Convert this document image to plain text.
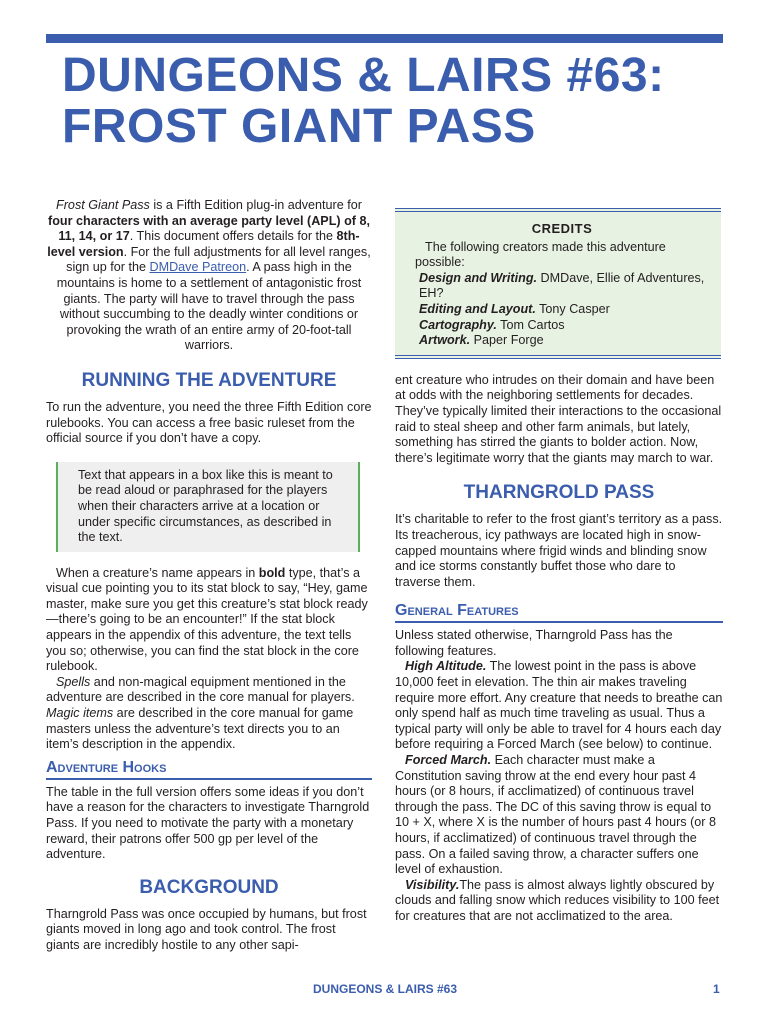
DUNGEONS & LAIRS #63:
FROST GIANT PASS

Frost Giant Pass is a Fifth Edition plug-in adventure for four characters with an average party level (APL) of 8, 11, 14, or 17. This document offers details for the 8th-level version. For the full adjustments for all level ranges, sign up for the DMDave Patreon. A pass high in the mountains is home to a settlement of antagonistic frost giants. The party will have to travel through the pass without succumbing to the deadly winter conditions or provoking the wrath of an entire army of 20-foot-tall warriors.

RUNNING THE ADVENTURE

To run the adventure, you need the three Fifth Edition core rulebooks. You can access a free basic ruleset from the official source if you don’t have a copy.

Text that appears in a box like this is meant to be read aloud or paraphrased for the players when their characters arrive at a location or under specific circumstances, as described in the text.

When a creature’s name appears in bold type, that’s a visual cue pointing you to its stat block to say, “Hey, game master, make sure you get this creature’s stat block ready—there’s going to be an encounter!” If the stat block appears in the appendix of this adventure, the text tells you so; otherwise, you can find the stat block in the core rulebook.

Spells and non-magical equipment mentioned in the adventure are described in the core manual for players. Magic items are described in the core manual for game masters unless the adventure’s text directs you to an item’s description in the appendix.

Adventure Hooks

The table in the full version offers some ideas if you don’t have a reason for the characters to investigate Tharngrold Pass. If you need to motivate the party with a monetary reward, their patrons offer 500 gp per level of the adventure.

BACKGROUND

Tharngrold Pass was once occupied by humans, but frost giants moved in long ago and took control. The frost giants are incredibly hostile to any other sapi-

CREDITS

The following creators made this adventure possible:

Design and Writing. DMDave, Ellie of Adventures, EH?

Editing and Layout. Tony Casper

Cartography. Tom Cartos

Artwork. Paper Forge

ent creature who intrudes on their domain and have been at odds with the neighboring settlements for decades. They’ve typically limited their interactions to the occasional raid to steal sheep and other farm animals, but lately, something has stirred the giants to bolder action. Now, there’s legitimate worry that the giants may march to war.

THARNGROLD PASS

It’s charitable to refer to the frost giant’s territory as a pass. Its treacherous, icy pathways are located high in snow-capped mountains where frigid winds and blinding snow and ice storms constantly buffet those who dare to traverse them.

General Features

Unless stated otherwise, Tharngrold Pass has the following features.

High Altitude. The lowest point in the pass is above 10,000 feet in elevation. The thin air makes traveling require more effort. Any creature that needs to breathe can only spend half as much time traveling as usual. Thus a typical party will only be able to travel for 4 hours each day before requiring a Forced March (see below) to continue.

Forced March. Each character must make a Constitution saving throw at the end every hour past 4 hours (or 8 hours, if acclimatized) of continuous travel through the pass. The DC of this saving throw is equal to 10 + X, where X is the number of hours past 4 hours (or 8 hours, if acclimatized) of continuous travel through the pass. On a failed saving throw, a character suffers one level of exhaustion.

Visibility.The pass is almost always lightly obscured by clouds and falling snow which reduces visibility to 100 feet for creatures that are not acclimatized to the area.

DUNGEONS & LAIRS #63	1
